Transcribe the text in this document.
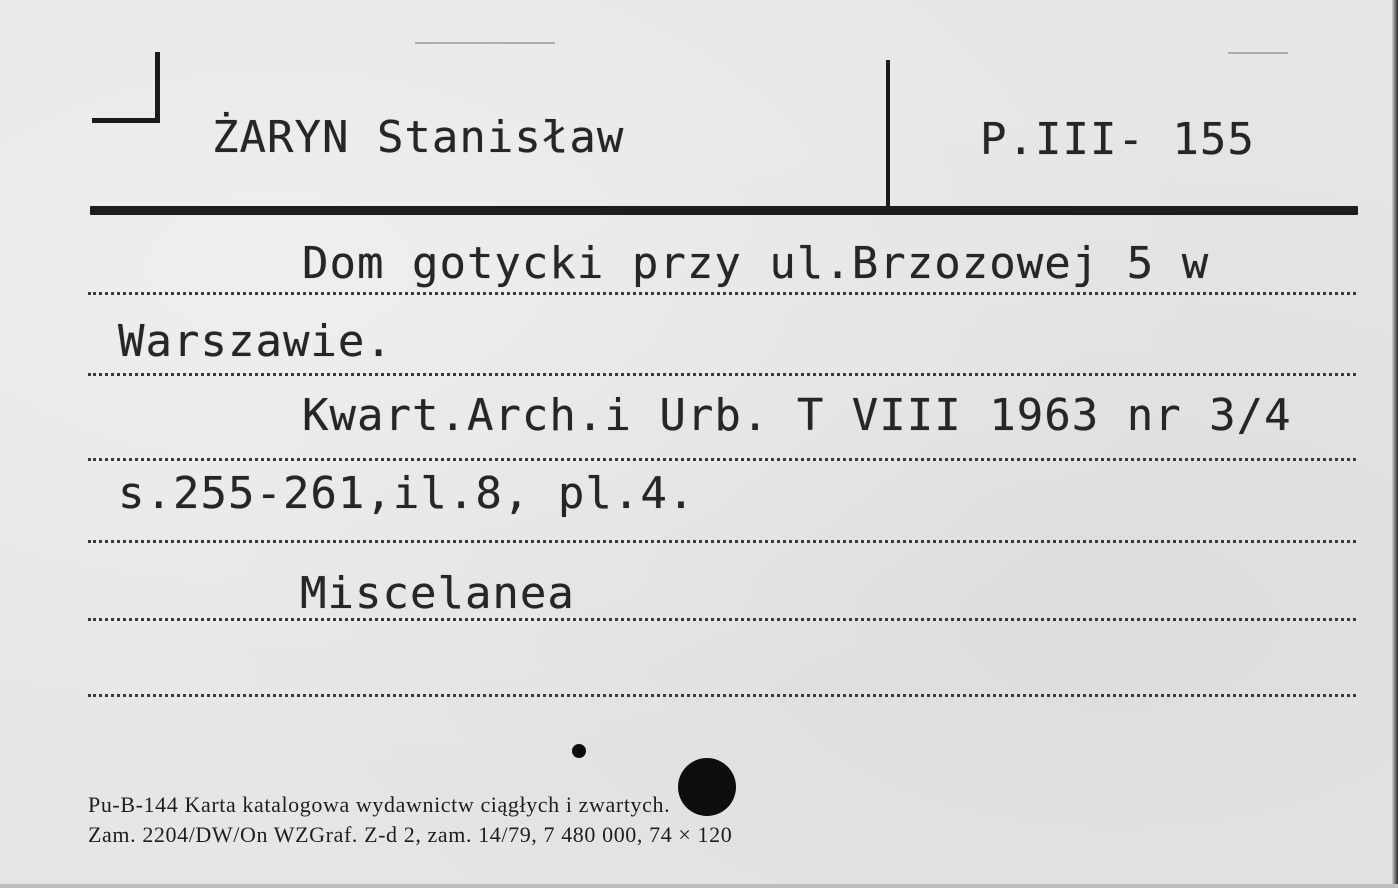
ŻARYN Stanisław	P.III- 155
Dom gotycki przy ul.Brzozowej 5 w
Warszawie.
Kwart.Arch.i Urb. T VIII 1963 nr 3/4
s.255-261,il.8, pl.4.
Miscelanea
Pu-B-144 Karta katalogowa wydawnictw ciągłych i zwartych.
Zam. 2204/DW/On WZGraf. Z-d 2, zam. 14/79, 7 480 000, 74 × 120
